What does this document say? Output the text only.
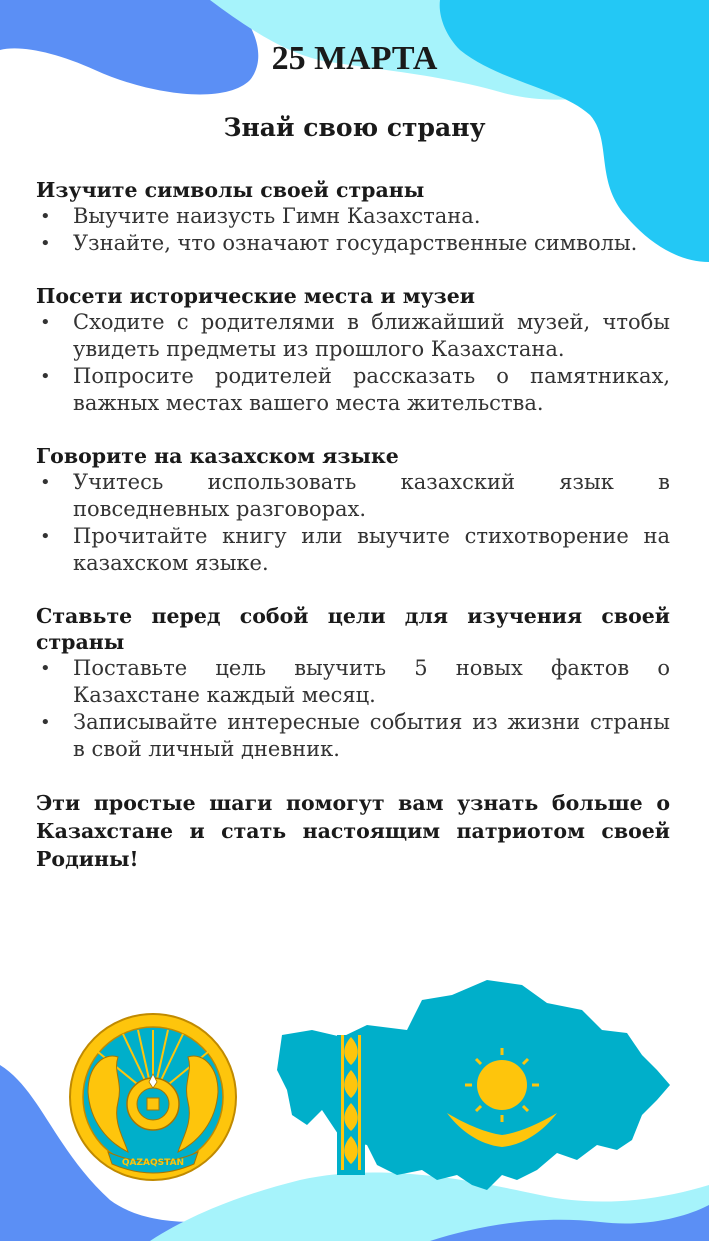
25 МАРТА
Знай свою страну

Изучите символы своей страны

• Выучите наизусть Гимн Казахстана.
• Узнайте, что означают государственные символы.

Посети исторические места и музеи

• Сходите с родителями в ближайший музей, чтобы увидеть предметы из прошлого Казахстана.
• Попросите родителей рассказать о памятниках, важных местах вашего места жительства.

Говорите на казахском языке

• Учитесь использовать казахский язык в повседневных разговорах.
• Прочитайте книгу или выучите стихотворение на казахском языке.

Ставьте перед собой цели для изучения своей страны

• Поставьте цель выучить 5 новых фактов о Казахстане каждый месяц.
• Записывайте интересные события из жизни страны в свой личный дневник.

Эти простые шаги помогут вам узнать больше о Казахстане и стать настоящим патриотом своей Родины!

QAZAQSTAN
